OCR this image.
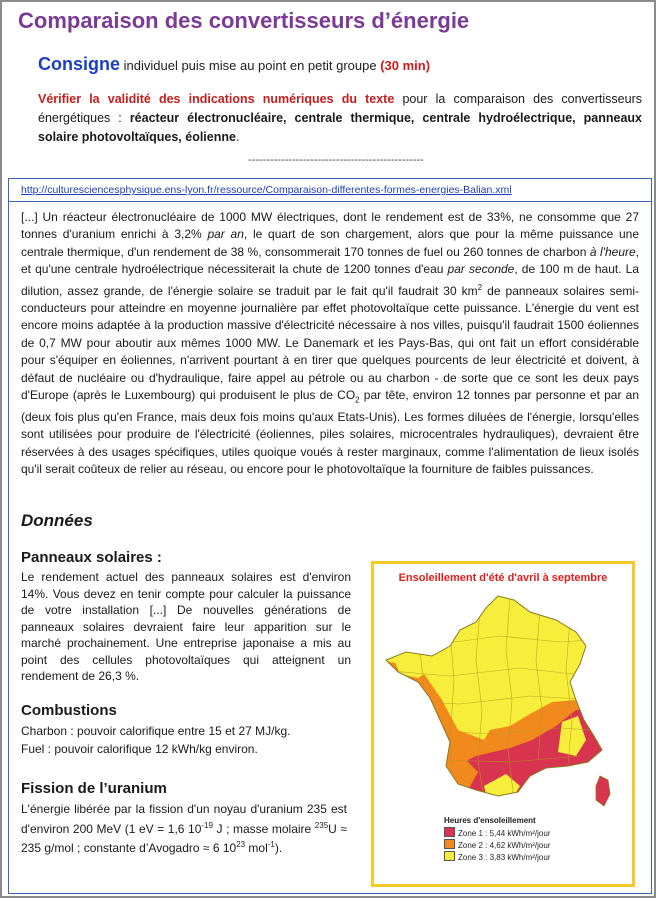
Comparaison des convertisseurs d’énergie
Consigne individuel puis mise au point en petit groupe (30 min)
Vérifier la validité des indications numériques du texte pour la comparaison des convertisseurs énergétiques : réacteur électronucléaire, centrale thermique, centrale hydroélectrique, panneaux solaire photovoltaïques, éolienne.
------------------------------------------------
http://culturesciencesphysique.ens-lyon.fr/ressource/Comparaison-differentes-formes-energies-Balian.xml
[...] Un réacteur électronucléaire de 1000 MW électriques, dont le rendement est de 33%, ne consomme que 27 tonnes d'uranium enrichi à 3,2% par an, le quart de son chargement, alors que pour la même puissance une centrale thermique, d'un rendement de 38 %, consommerait 170 tonnes de fuel ou 260 tonnes de charbon à l'heure, et qu'une centrale hydroélectrique nécessiterait la chute de 1200 tonnes d'eau par seconde, de 100 m de haut. La dilution, assez grande, de l'énergie solaire se traduit par le fait qu'il faudrait 30 $km^2$ de panneaux solaires semi-conducteurs pour atteindre en moyenne journalière par effet photovoltaïque cette puissance. L'énergie du vent est encore moins adaptée à la production massive d'électricité nécessaire à nos villes, puisqu'il faudrait 1500 éoliennes de 0,7 MW pour aboutir aux mêmes 1000 MW. Le Danemark et les Pays-Bas, qui ont fait un effort considérable pour s'équiper en éoliennes, n'arrivent pourtant à en tirer que quelques pourcents de leur électricité et doivent, à défaut de nucléaire ou d'hydraulique, faire appel au pétrole ou au charbon - de sorte que ce sont les deux pays d'Europe (après le Luxembourg) qui produisent le plus de $CO_2$ par tête, environ 12 tonnes par personne et par an (deux fois plus qu'en France, mais deux fois moins qu'aux Etats-Unis). Les formes diluées de l'énergie, lorsqu'elles sont utilisées pour produire de l'électricité (éoliennes, piles solaires, microcentrales hydrauliques), devraient être réservées à des usages spécifiques, utiles quoique voués à rester marginaux, comme l'alimentation de lieux isolés qu'il serait coûteux de relier au réseau, ou encore pour le photovoltaïque la fourniture de faibles puissances.
Données
Panneaux solaires :
Le rendement actuel des panneaux solaires est d'environ 14%. Vous devez en tenir compte pour calculer la puissance de votre installation [...] De nouvelles générations de panneaux solaires devraient faire leur apparition sur le marché prochainement. Une entreprise japonaise a mis au point des cellules photovoltaïques qui atteignent un rendement de 26,3 %.
Combustions
Charbon : pouvoir calorifique entre 15 et 27 MJ/kg.
Fuel : pouvoir calorifique 12 kWh/kg environ.
Fission de l’uranium
L'énergie libérée par la fission d'un noyau d'uranium 235 est d'environ 200 MeV (1 eV = 1,6 $10^{-19}$ J ; masse molaire $^{235}$U ≈ 235 g/mol ; constante d’Avogadro ≈ 6 $10^{23}$ mol$^{-1}$).
Ensoleillement d'été d'avril à septembre
Heures d'ensoleillement
Zone 1 : 5,44 kWh/m²/jour
Zone 2 : 4,62 kWh/m²/jour
Zone 3 : 3,83 kWh/m²/jour
